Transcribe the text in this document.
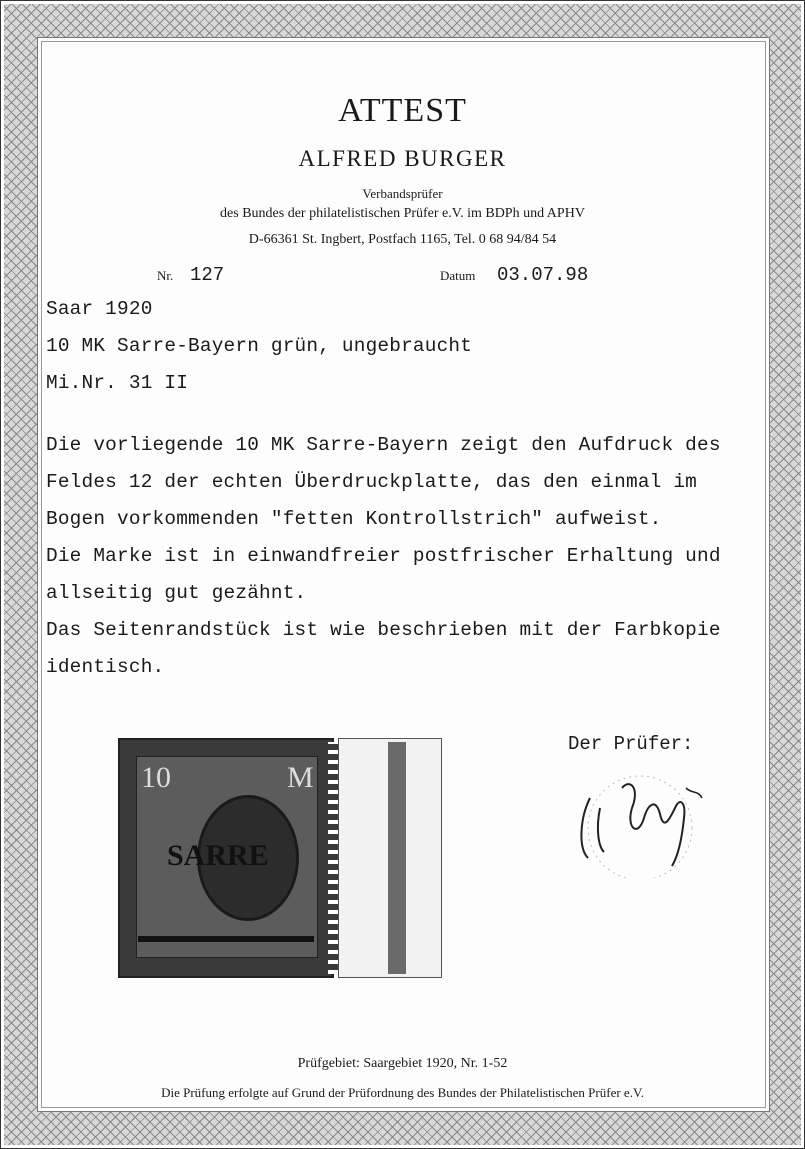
ATTEST
ALFRED BURGER
Verbandsprüfer
des Bundes der philatelistischen Prüfer e.V. im BDPh und APHV
D-66361 St. Ingbert, Postfach 1165, Tel. 0 68 94/84 54
Nr. 127	Datum 03.07.98
Saar 1920
10 MK Sarre-Bayern grün, ungebraucht
Mi.Nr. 31 II
Die vorliegende 10 MK Sarre-Bayern zeigt den Aufdruck des
Feldes 12 der echten Überdruckplatte, das den einmal im
Bogen vorkommenden "fetten Kontrollstrich" aufweist.
Die Marke ist in einwandfreier postfrischer Erhaltung und
allseitig gut gezähnt.
Das Seitenrandstück ist wie beschrieben mit der Farbkopie
identisch.
10	M
SARRE
Der Prüfer:
Prüfgebiet: Saargebiet 1920, Nr. 1-52
Die Prüfung erfolgte auf Grund der Prüfordnung des Bundes der Philatelistischen Prüfer e.V.
